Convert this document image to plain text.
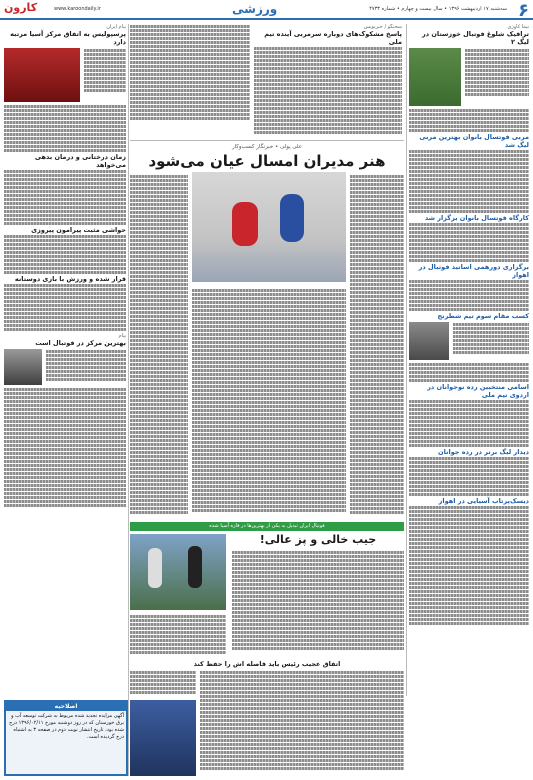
۶
سه‌شنبه ۱۷ اردیبهشت ۱۳۹۶ • سال بیست و چهارم • شماره ۴۷۳۳
ورزشی
www.karoondaily.ir
کارون
نیما کاوژی
ترافیک شلوغ فوتبال خوزستان در لیگ ۲
مربی فوتسال بانوان بهترین مربی لیگ شد
کارگاه فوتسال بانوان برگزار شد
برگزاری دورهمی اساتید فوتبال در اهواز
کسب مقام سوم تیم شطرنج
اسامی منتخبین رده نوجوانان در اردوی تیم ملی
دیدار لیگ برتر در رده جوانان
دیسک‌پرتاب آسیایی در اهواز
سخنگو / خبرنویس
پاسخ مشکوک‌های دوباره سرمربی آینده تیم ملی
علی پولی • خبرنگار کسب‌وکار
هنر مدیران امسال عیان می‌شود
فوتبال ایران تبدیل به یکی از بهترین‌ها در قاره آسیا شده
جیب خالی و پز عالی!
اتفاق عجیب رئیس باید فاصله اش را حفظ کند
پیام ایران
پرسپولیس به اتفاق مرکز آسیا مرتبه دارد
زمان درختانی و درمان بدهی می‌خواهد
حواشی مثبت پیرامون پیروزی
قرار شده و ورزش با بازی دوستانه
پیام
بهترین مرکز در فوتبال است
اصلاحیه
آگهی مزایده تجدید شده مربوط به شرکت توسعه آب و برق خوزستان که در روز دوشنبه مورخ ۱۳۹۶/۰۲/۱۱ درج شده بود، تاریخ انتشار نوبت دوم در صفحه ۳ به اشتباه درج گردیده است.
